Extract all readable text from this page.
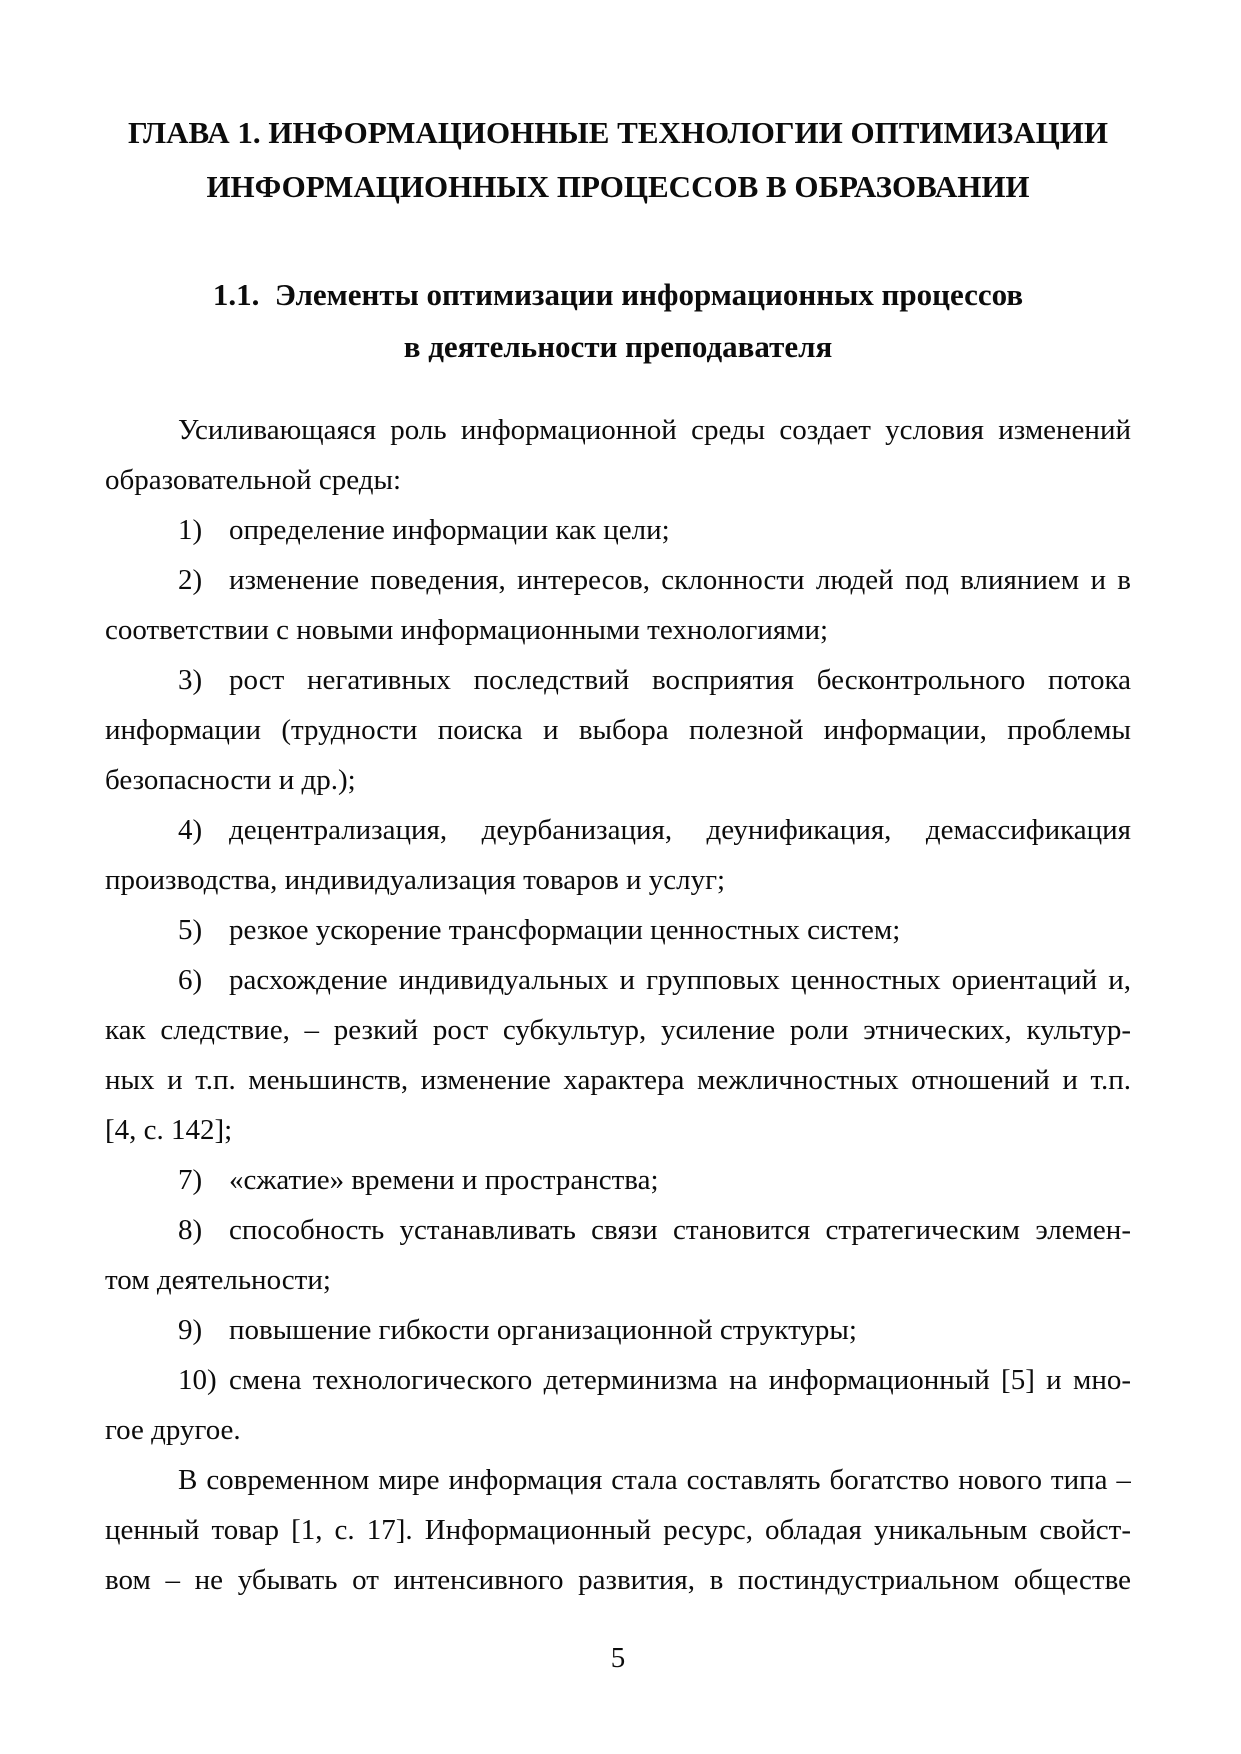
ГЛАВА 1. ИНФОРМАЦИОННЫЕ ТЕХНОЛОГИИ ОПТИМИЗАЦИИ
ИНФОРМАЦИОННЫХ ПРОЦЕССОВ В ОБРАЗОВАНИИ
1.1.  Элементы оптимизации информационных процессов
в деятельности преподавателя
Усиливающаяся роль информационной среды создает условия изменений
образовательной среды:
1) определение информации как цели;
2) изменение поведения, интересов, склонности людей под влиянием и в
соответствии с новыми информационными технологиями;
3) рост негативных последствий восприятия бесконтрольного потока
информации (трудности поиска и выбора полезной информации, проблемы
безопасности и др.);
4) децентрализация, деурбанизация, деунификация, демассификация
производства, индивидуализация товаров и услуг;
5) резкое ускорение трансформации ценностных систем;
6) расхождение индивидуальных и групповых ценностных ориентаций и,
как следствие, – резкий рост субкультур, усиление роли этнических, культур-
ных и т.п. меньшинств, изменение характера межличностных отношений и т.п.
[4, с. 142];
7) «сжатие» времени и пространства;
8) способность устанавливать связи становится стратегическим элемен-
том деятельности;
9) повышение гибкости организационной структуры;
10) смена технологического детерминизма на информационный [5] и мно-
гое другое.
В современном мире информация стала составлять богатство нового типа –
ценный товар [1, с. 17]. Информационный ресурс, обладая уникальным свойст-
вом – не убывать от интенсивного развития, в постиндустриальном обществе
5
